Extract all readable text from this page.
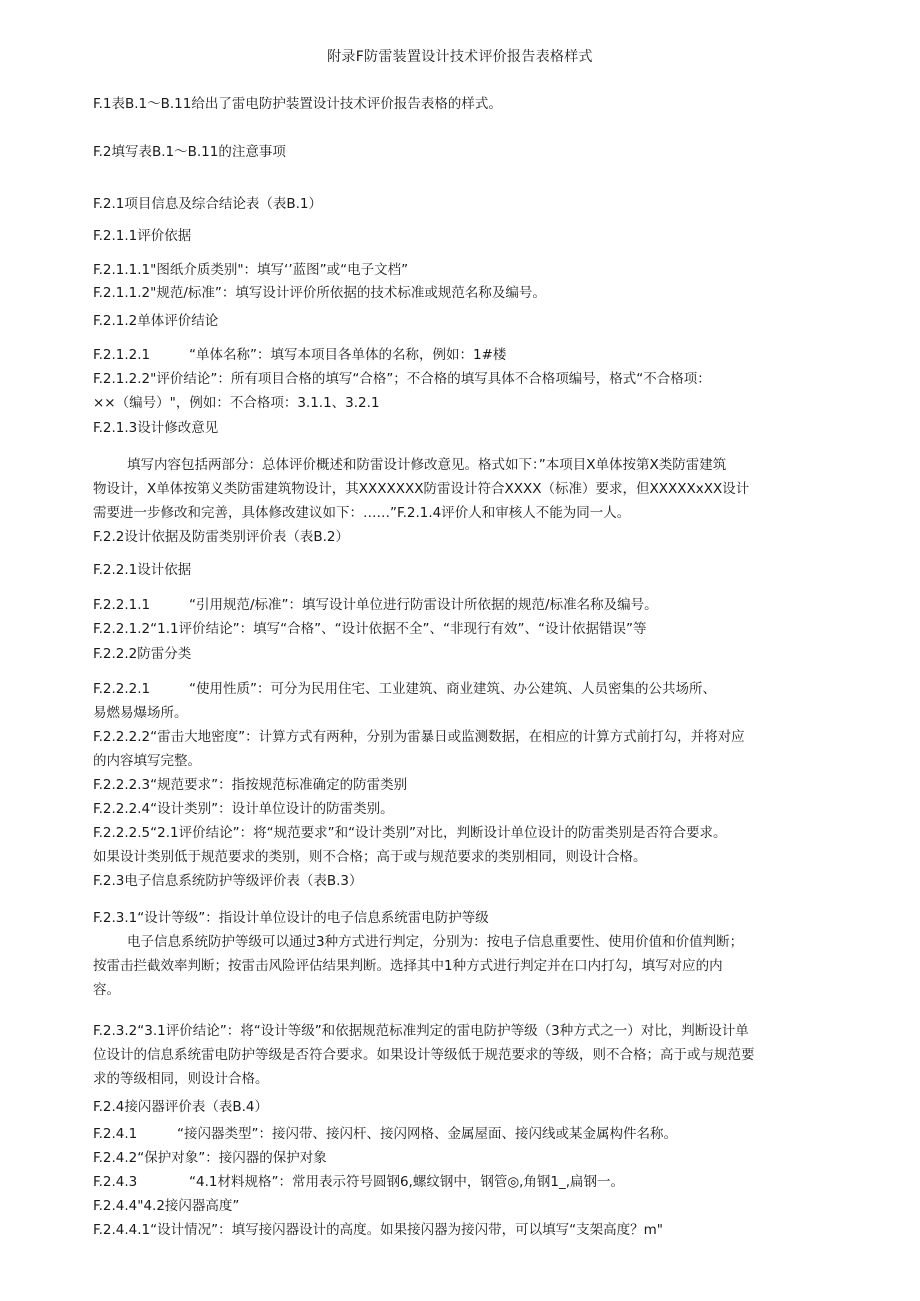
附录F防雷装置设计技术评价报告表格样式
F.1表B.1～B.11给出了雷电防护装置设计技术评价报告表格的样式。
F.2填写表B.1～B.11的注意事项
F.2.1项目信息及综合结论表（表B.1）
F.2.1.1评价依据
F.2.1.1.1"图纸介质类别"：填写‘’蓝图”或“电子文档”
F.2.1.1.2"规范/标准”：填写设计评价所依据的技术标准或规范名称及编号。
F.2.1.2单体评价结论
F.2.1.2.1	“单体名称”：填写本项目各单体的名称，例如：1#楼
F.2.1.2.2"评价结论”：所有项目合格的填写“合格”；不合格的填写具体不合格项编号，格式“不合格项：
××（编号）"，例如：不合格项：3.1.1、3.2.1
F.2.1.3设计修改意见
填写内容包括两部分：总体评价概述和防雷设计修改意见。格式如下：”本项目X单体按第X类防雷建筑
物设计，X单体按第义类防雷建筑物设计，其XXXXXXX防雷设计符合XXXX（标准）要求，但XXXXXxXX设计
需要进一步修改和完善，具体修改建议如下：……”F.2.1.4评价人和审核人不能为同一人。
F.2.2设计依据及防雷类别评价表（表B.2）
F.2.2.1设计依据
F.2.2.1.1	“引用规范/标准”：填写设计单位进行防雷设计所依据的规范/标准名称及编号。
F.2.2.1.2“1.1评价结论”：填写“合格”、“设计依据不全”、“非现行有效”、“设计依据错误”等
F.2.2.2防雷分类
F.2.2.2.1	“使用性质”：可分为民用住宅、工业建筑、商业建筑、办公建筑、人员密集的公共场所、
易燃易爆场所。
F.2.2.2.2“雷击大地密度”：计算方式有两种，分别为雷暴日或监测数据，在相应的计算方式前打勾，并将对应
的内容填写完整。
F.2.2.2.3“规范要求”：指按规范标准确定的防雷类别
F.2.2.2.4“设计类别”：设计单位设计的防雷类别。
F.2.2.2.5“2.1评价结论”：将“规范要求”和“设计类别”对比，判断设计单位设计的防雷类别是否符合要求。
如果设计类别低于规范要求的类别，则不合格；高于或与规范要求的类别相同，则设计合格。
F.2.3电子信息系统防护等级评价表（表B.3）
F.2.3.1“设计等级”：指设计单位设计的电子信息系统雷电防护等级
电子信息系统防护等级可以通过3种方式进行判定，分别为：按电子信息重要性、使用价值和价值判断；
按雷击拦截效率判断；按雷击风险评估结果判断。选择其中1种方式进行判定并在口内打勾，填写对应的内
容。
F.2.3.2“3.1评价结论”：将“设计等级”和依据规范标准判定的雷电防护等级（3种方式之一）对比，判断设计单
位设计的信息系统雷电防护等级是否符合要求。如果设计等级低于规范要求的等级，则不合格；高于或与规范要
求的等级相同，则设计合格。
F.2.4接闪器评价表（表B.4）
F.2.4.1	“接闪器类型”：接闪带、接闪杆、接闪网格、金属屋面、接闪线或某金属构件名称。
F.2.4.2“保护对象”：接闪器的保护对象
F.2.4.3	“4.1材料规格”：常用表示符号圆钢6,螺纹钢中，钢管◎,角钢1_,扁钢一。
F.2.4.4"4.2接闪器高度”
F.2.4.4.1“设计情况”：填写接闪器设计的高度。如果接闪器为接闪带，可以填写“支架高度？m"
